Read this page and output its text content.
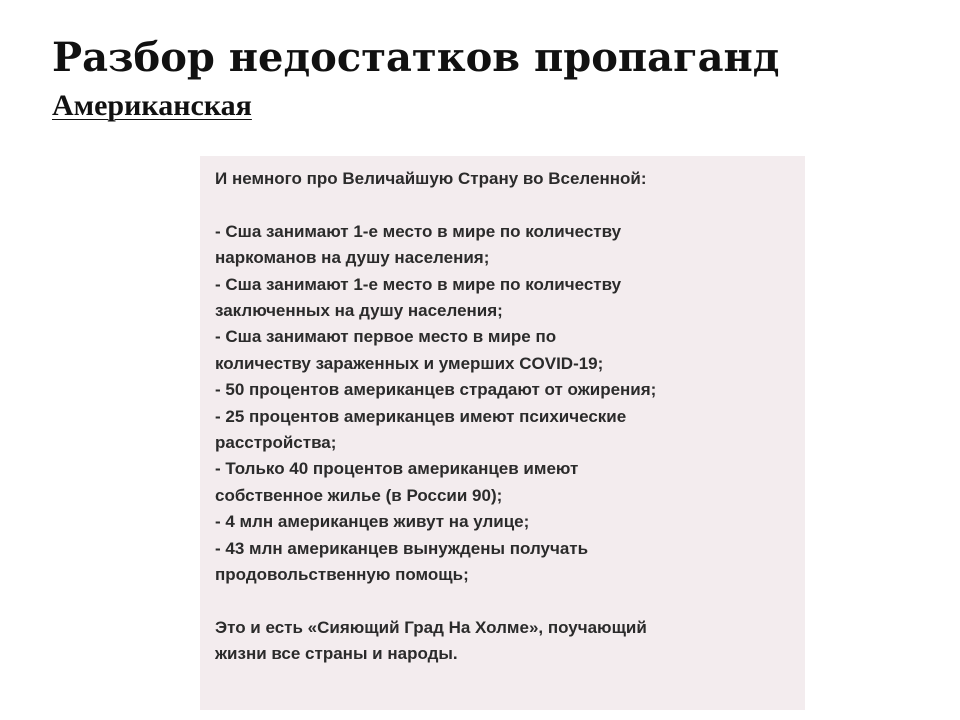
Разбор недостатков пропаганд
Американская

И немного про Величайшую Страну во Вселенной:

- Сша занимают 1-е место в мире по количеству

наркоманов на душу населения;

- Сша занимают 1-е место в мире по количеству

заключенных на душу населения;

- Сша занимают первое место в мире по

количеству зараженных и умерших COVID-19;

- 50 процентов американцев страдают от ожирения;

- 25 процентов американцев имеют психические

расстройства;

- Только 40 процентов американцев имеют

собственное жилье (в России 90);

- 4 млн американцев живут на улице;

- 43 млн американцев вынуждены получать

продовольственную помощь;

Это и есть «Сияющий Град На Холме», поучающий

жизни все страны и народы.
